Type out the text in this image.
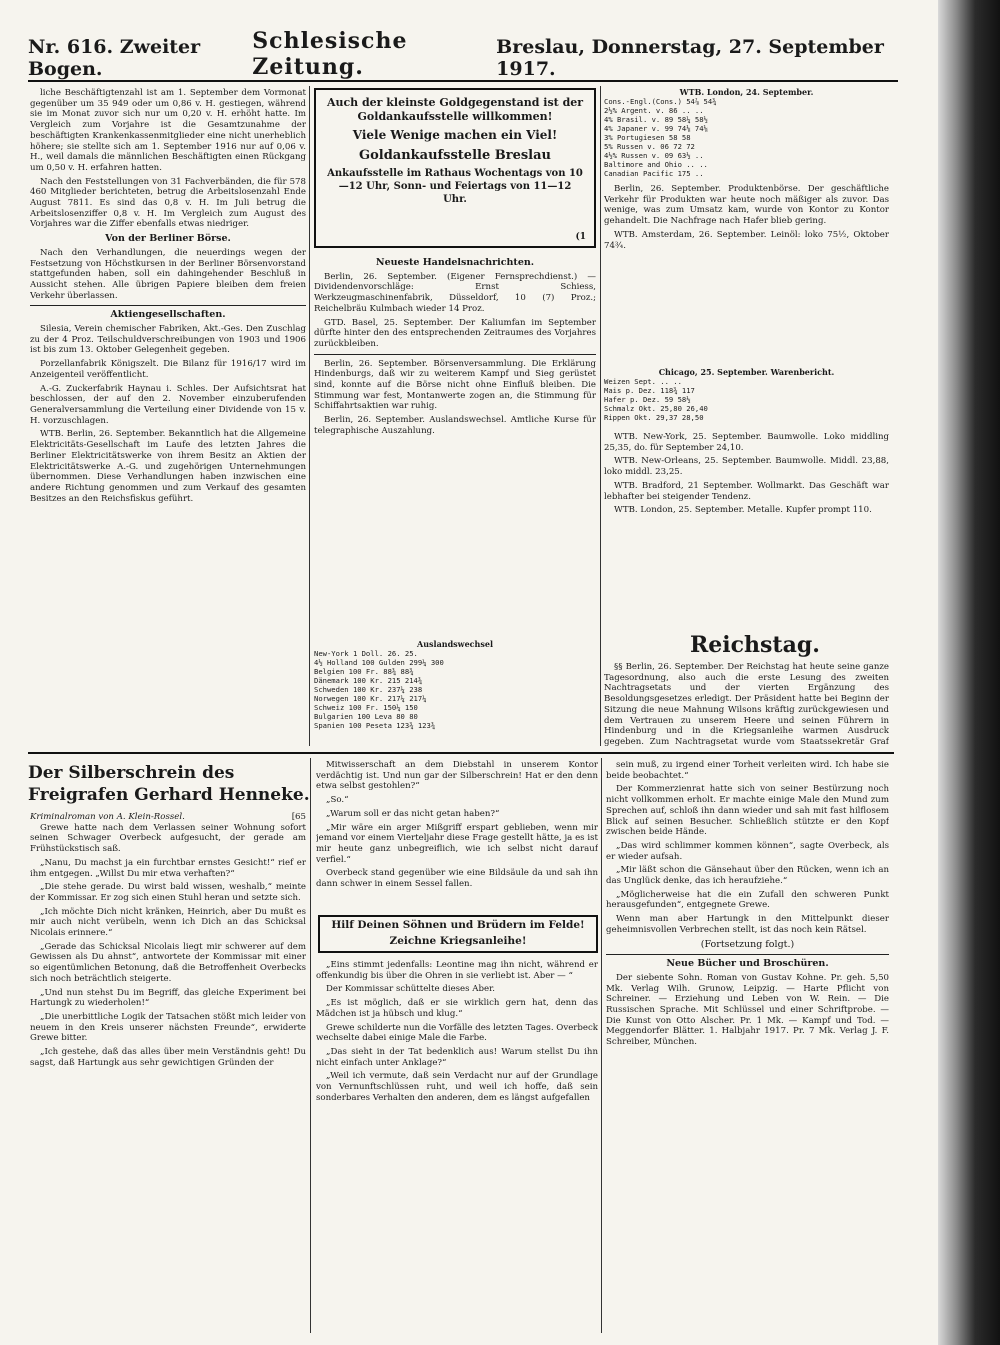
Nr. 616. Zweiter Bogen.
Schlesische Zeitung.
Breslau, Donnerstag, 27. September 1917.

liche Beschäftigtenzahl ist am 1. September dem Vormonat gegenüber um 35 949 oder um 0,86 v. H. gestiegen, während sie im Monat zuvor sich nur um 0,20 v. H. erhöht hatte. Im Vergleich zum Vorjahre ist die Gesamtzunahme der beschäftigten Krankenkassenmitglieder eine nicht unerheblich höhere; sie stellte sich am 1. September 1916 nur auf 0,06 v. H., weil damals die männlichen Beschäftigten einen Rückgang um 0,50 v. H. erfahren hatten.

Nach den Feststellungen von 31 Fachverbänden, die für 578 460 Mitglieder berichteten, betrug die Arbeitslosenzahl Ende August 7811. Es sind das 0,8 v. H. Im Juli betrug die Arbeitslosenziffer 0,8 v. H. Im Vergleich zum August des Vorjahres war die Ziffer ebenfalls etwas niedriger.

Von der Berliner Börse.

Nach den Verhandlungen, die neuerdings wegen der Festsetzung von Höchstkursen in der Berliner Börsenvorstand stattgefunden haben, soll ein dahingehender Beschluß in Aussicht stehen. Alle übrigen Papiere bleiben dem freien Verkehr überlassen.

Aktiengesellschaften.

Silesia, Verein chemischer Fabriken, Akt.-Ges. Den Zuschlag zu der 4 Proz. Teilschuldverschreibungen von 1903 und 1906 ist bis zum 13. Oktober Gelegenheit gegeben.

Porzellanfabrik Königszelt. Die Bilanz für 1916/17 wird im Anzeigenteil veröffentlicht.

A.-G. Zuckerfabrik Haynau i. Schles. Der Aufsichtsrat hat beschlossen, der auf den 2. November einzuberufenden Generalversammlung die Verteilung einer Dividende von 15 v. H. vorzuschlagen.

WTB. Berlin, 26. September. Bekanntlich hat die Allgemeine Elektricitäts-Gesellschaft im Laufe des letzten Jahres die Berliner Elektricitätswerke von ihrem Besitz an Aktien der Elektricitätswerke A.-G. und zugehörigen Unternehmungen übernommen. Diese Verhandlungen haben inzwischen eine andere Richtung genommen und zum Verkauf des gesamten Besitzes an den Reichsfiskus geführt.

Auch der kleinste Goldgegenstand ist der Goldankaufsstelle willkommen!
Viele Wenige machen ein Viel!
Goldankaufsstelle Breslau
Ankaufsstelle im Rathaus Wochentags von 10—12 Uhr, Sonn- und Feiertags von 11—12 Uhr.
(1
Neueste Handelsnachrichten.

Berlin, 26. September. (Eigener Fernsprechdienst.) — Dividendenvorschläge: Ernst Schiess, Werkzeugmaschinenfabrik, Düsseldorf, 10 (7) Proz.; Reichelbräu Kulmbach wieder 14 Proz.

GTD. Basel, 25. September. Der Kaliumfan im September dürfte hinter den des entsprechenden Zeitraumes des Vorjahres zurückbleiben.

Berlin, 26. September. Börsenversammlung. Die Erklärung Hindenburgs, daß wir zu weiterem Kampf und Sieg gerüstet sind, konnte auf die Börse nicht ohne Einfluß bleiben. Die Stimmung war fest, Montanwerte zogen an, die Stimmung für Schiffahrtsaktien war ruhig.

Berlin, 26. September. Auslandswechsel. Amtliche Kurse für telegraphische Auszahlung.

Auslandswechsel
New-York 1 Doll. 26. 25.
4½ Holland 100 Gulden 299¼ 300
Belgien 100 Fr. 88¾ 88¾
Dänemark 100 Kr. 215 214¾
Schweden 100 Kr. 237¼ 238
Norwegen 100 Kr. 217¼ 217¼
Schweiz 100 Fr. 150¼ 150
Bulgarien 100 Leva 80 80
Spanien 100 Peseta 123¾ 123¾
WTB. London, 24. September.
Cons.-Engl.(Cons.) 54⅞ 54¾
2½% Argent. v. 86 .. ..
4% Brasil. v. 89 58¼ 58½
4% Japaner v. 99 74⅛ 74⅛
3% Portugiesen 58 58
5% Russen v. 06 72 72
4½% Russen v. 09 63½ ..
Baltimore and Ohio .. ..
Canadian Pacific 175 ..

Berlin, 26. September. Produktenbörse. Der geschäftliche Verkehr für Produkten war heute noch mäßiger als zuvor. Das wenige, was zum Umsatz kam, wurde von Kontor zu Kontor gehandelt. Die Nachfrage nach Hafer blieb gering.

WTB. Amsterdam, 26. September. Leinöl: loko 75½, Oktober 74¾.

Chicago, 25. September. Warenbericht.
Weizen Sept. .. ..
Mais p. Dez. 118¾ 117
Hafer p. Dez. 59 58½
Schmalz Okt. 25,80 26,40
Rippen Okt. 29,37 28,50

WTB. New-York, 25. September. Baumwolle. Loko middling 25,35, do. für September 24,10.

WTB. New-Orleans, 25. September. Baumwolle. Middl. 23,88, loko middl. 23,25.

WTB. Bradford, 21 September. Wollmarkt. Das Geschäft war lebhafter bei steigender Tendenz.

WTB. London, 25. September. Metalle. Kupfer prompt 110.

Reichstag.

§§ Berlin, 26. September. Der Reichstag hat heute seine ganze Tagesordnung, also auch die erste Lesung des zweiten Nachtragsetats und der vierten Ergänzung des Besoldungsgesetzes erledigt. Der Präsident hatte bei Beginn der Sitzung die neue Mahnung Wilsons kräftig zurückgewiesen und dem Vertrauen zu unserem Heere und seinen Führern in Hindenburg und in die Kriegsanleihe warmen Ausdruck gegeben. Zum Nachtragsetat wurde vom Staatssekretär Graf

Der Silberschrein des Freigrafen Gerhard Henneke.
Kriminalroman von A. Klein-Rossel.	[65

Grewe hatte nach dem Verlassen seiner Wohnung sofort seinen Schwager Overbeck aufgesucht, der gerade am Frühstückstisch saß.

„Nanu, Du machst ja ein furchtbar ernstes Gesicht!“ rief er ihm entgegen. „Willst Du mir etwa verhaften?“

„Die stehe gerade. Du wirst bald wissen, weshalb,“ meinte der Kommissar. Er zog sich einen Stuhl heran und setzte sich.

„Ich möchte Dich nicht kränken, Heinrich, aber Du mußt es mir auch nicht verübeln, wenn ich Dich an das Schicksal Nicolais erinnere.“

„Gerade das Schicksal Nicolais liegt mir schwerer auf dem Gewissen als Du ahnst“, antwortete der Kommissar mit einer so eigentümlichen Betonung, daß die Betroffenheit Overbecks sich noch beträchtlich steigerte.

„Und nun stehst Du im Begriff, das gleiche Experiment bei Hartungk zu wiederholen!“

„Die unerbittliche Logik der Tatsachen stößt mich leider von neuem in den Kreis unserer nächsten Freunde“, erwiderte Grewe bitter.

„Ich gestehe, daß das alles über mein Verständnis geht! Du sagst, daß Hartungk aus sehr gewichtigen Gründen der

Mitwisserschaft an dem Diebstahl in unserem Kontor verdächtig ist. Und nun gar der Silberschrein! Hat er den denn etwa selbst gestohlen?“

„So.“

„Warum soll er das nicht getan haben?“

„Mir wäre ein arger Mißgriff erspart geblieben, wenn mir jemand vor einem Vierteljahr diese Frage gestellt hätte, ja es ist mir heute ganz unbegreiflich, wie ich selbst nicht darauf verfiel.“

Overbeck stand gegenüber wie eine Bildsäule da und sah ihn dann schwer in einem Sessel fallen.

Hilf Deinen Söhnen und Brüdern im Felde! Zeichne Kriegsanleihe!

„Eins stimmt jedenfalls: Leontine mag ihn nicht, während er offenkundig bis über die Ohren in sie verliebt ist. Aber — “

Der Kommissar schüttelte dieses Aber.

„Es ist möglich, daß er sie wirklich gern hat, denn das Mädchen ist ja hübsch und klug.“

Grewe schilderte nun die Vorfälle des letzten Tages. Overbeck wechselte dabei einige Male die Farbe.

„Das sieht in der Tat bedenklich aus! Warum stellst Du ihn nicht einfach unter Anklage?“

„Weil ich vermute, daß sein Verdacht nur auf der Grundlage von Vernunftschlüssen ruht, und weil ich hoffe, daß sein sonderbares Verhalten den anderen, dem es längst aufgefallen

sein muß, zu irgend einer Torheit verleiten wird. Ich habe sie beide beobachtet.“

Der Kommerzienrat hatte sich von seiner Bestürzung noch nicht vollkommen erholt. Er machte einige Male den Mund zum Sprechen auf, schloß ihn dann wieder und sah mit fast hilflosem Blick auf seinen Besucher. Schließlich stützte er den Kopf zwischen beide Hände.

„Das wird schlimmer kommen können“, sagte Overbeck, als er wieder aufsah.

„Mir läßt schon die Gänsehaut über den Rücken, wenn ich an das Unglück denke, das ich heraufziehe.“

„Möglicherweise hat die ein Zufall den schweren Punkt herausgefunden“, entgegnete Grewe.

Wenn man aber Hartungk in den Mittelpunkt dieser geheimnisvollen Verbrechen stellt, ist das noch kein Rätsel.

(Fortsetzung folgt.)
Neue Bücher und Broschüren.

Der siebente Sohn. Roman von Gustav Kohne. Pr. geh. 5,50 Mk. Verlag Wilh. Grunow, Leipzig. — Harte Pflicht von Schreiner. — Erziehung und Leben von W. Rein. — Die Russischen Sprache. Mit Schlüssel und einer Schriftprobe. — Die Kunst von Otto Alscher. Pr. 1 Mk. — Kampf und Tod. — Meggendorfer Blätter. 1. Halbjahr 1917. Pr. 7 Mk. Verlag J. F. Schreiber, München.
